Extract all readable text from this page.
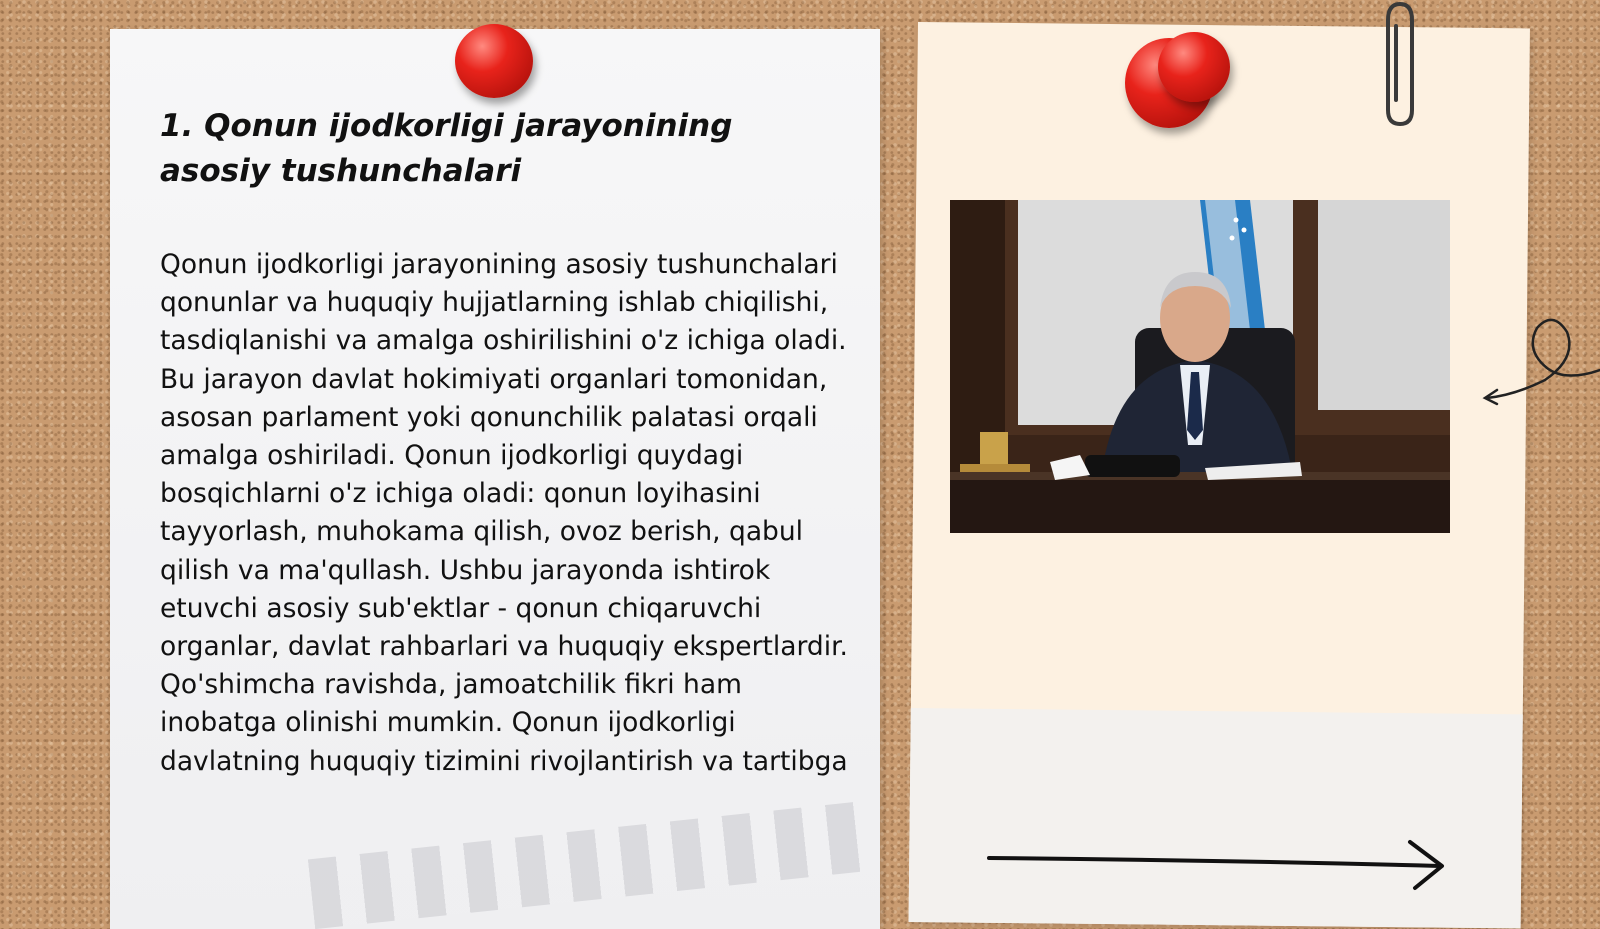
1. Qonun ijodkorligi jarayonining asosiy tushunchalari
Qonun ijodkorligi jarayonining asosiy tushunchalari qonunlar va huquqiy hujjatlarning ishlab chiqilishi, tasdiqlanishi va amalga oshirilishini o'z ichiga oladi. Bu jarayon davlat hokimiyati organlari tomonidan, asosan parlament yoki qonunchilik palatasi orqali amalga oshiriladi. Qonun ijodkorligi quydagi bosqichlarni o'z ichiga oladi: qonun loyihasini tayyorlash, muhokama qilish, ovoz berish, qabul qilish va ma'qullash. Ushbu jarayonda ishtirok etuvchi asosiy sub'ektlar - qonun chiqaruvchi organlar, davlat rahbarlari va huquqiy ekspertlardir. Qo'shimcha ravishda, jamoatchilik fikri ham inobatga olinishi mumkin. Qonun ijodkorligi davlatning huquqiy tizimini rivojlantirish va tartibga
